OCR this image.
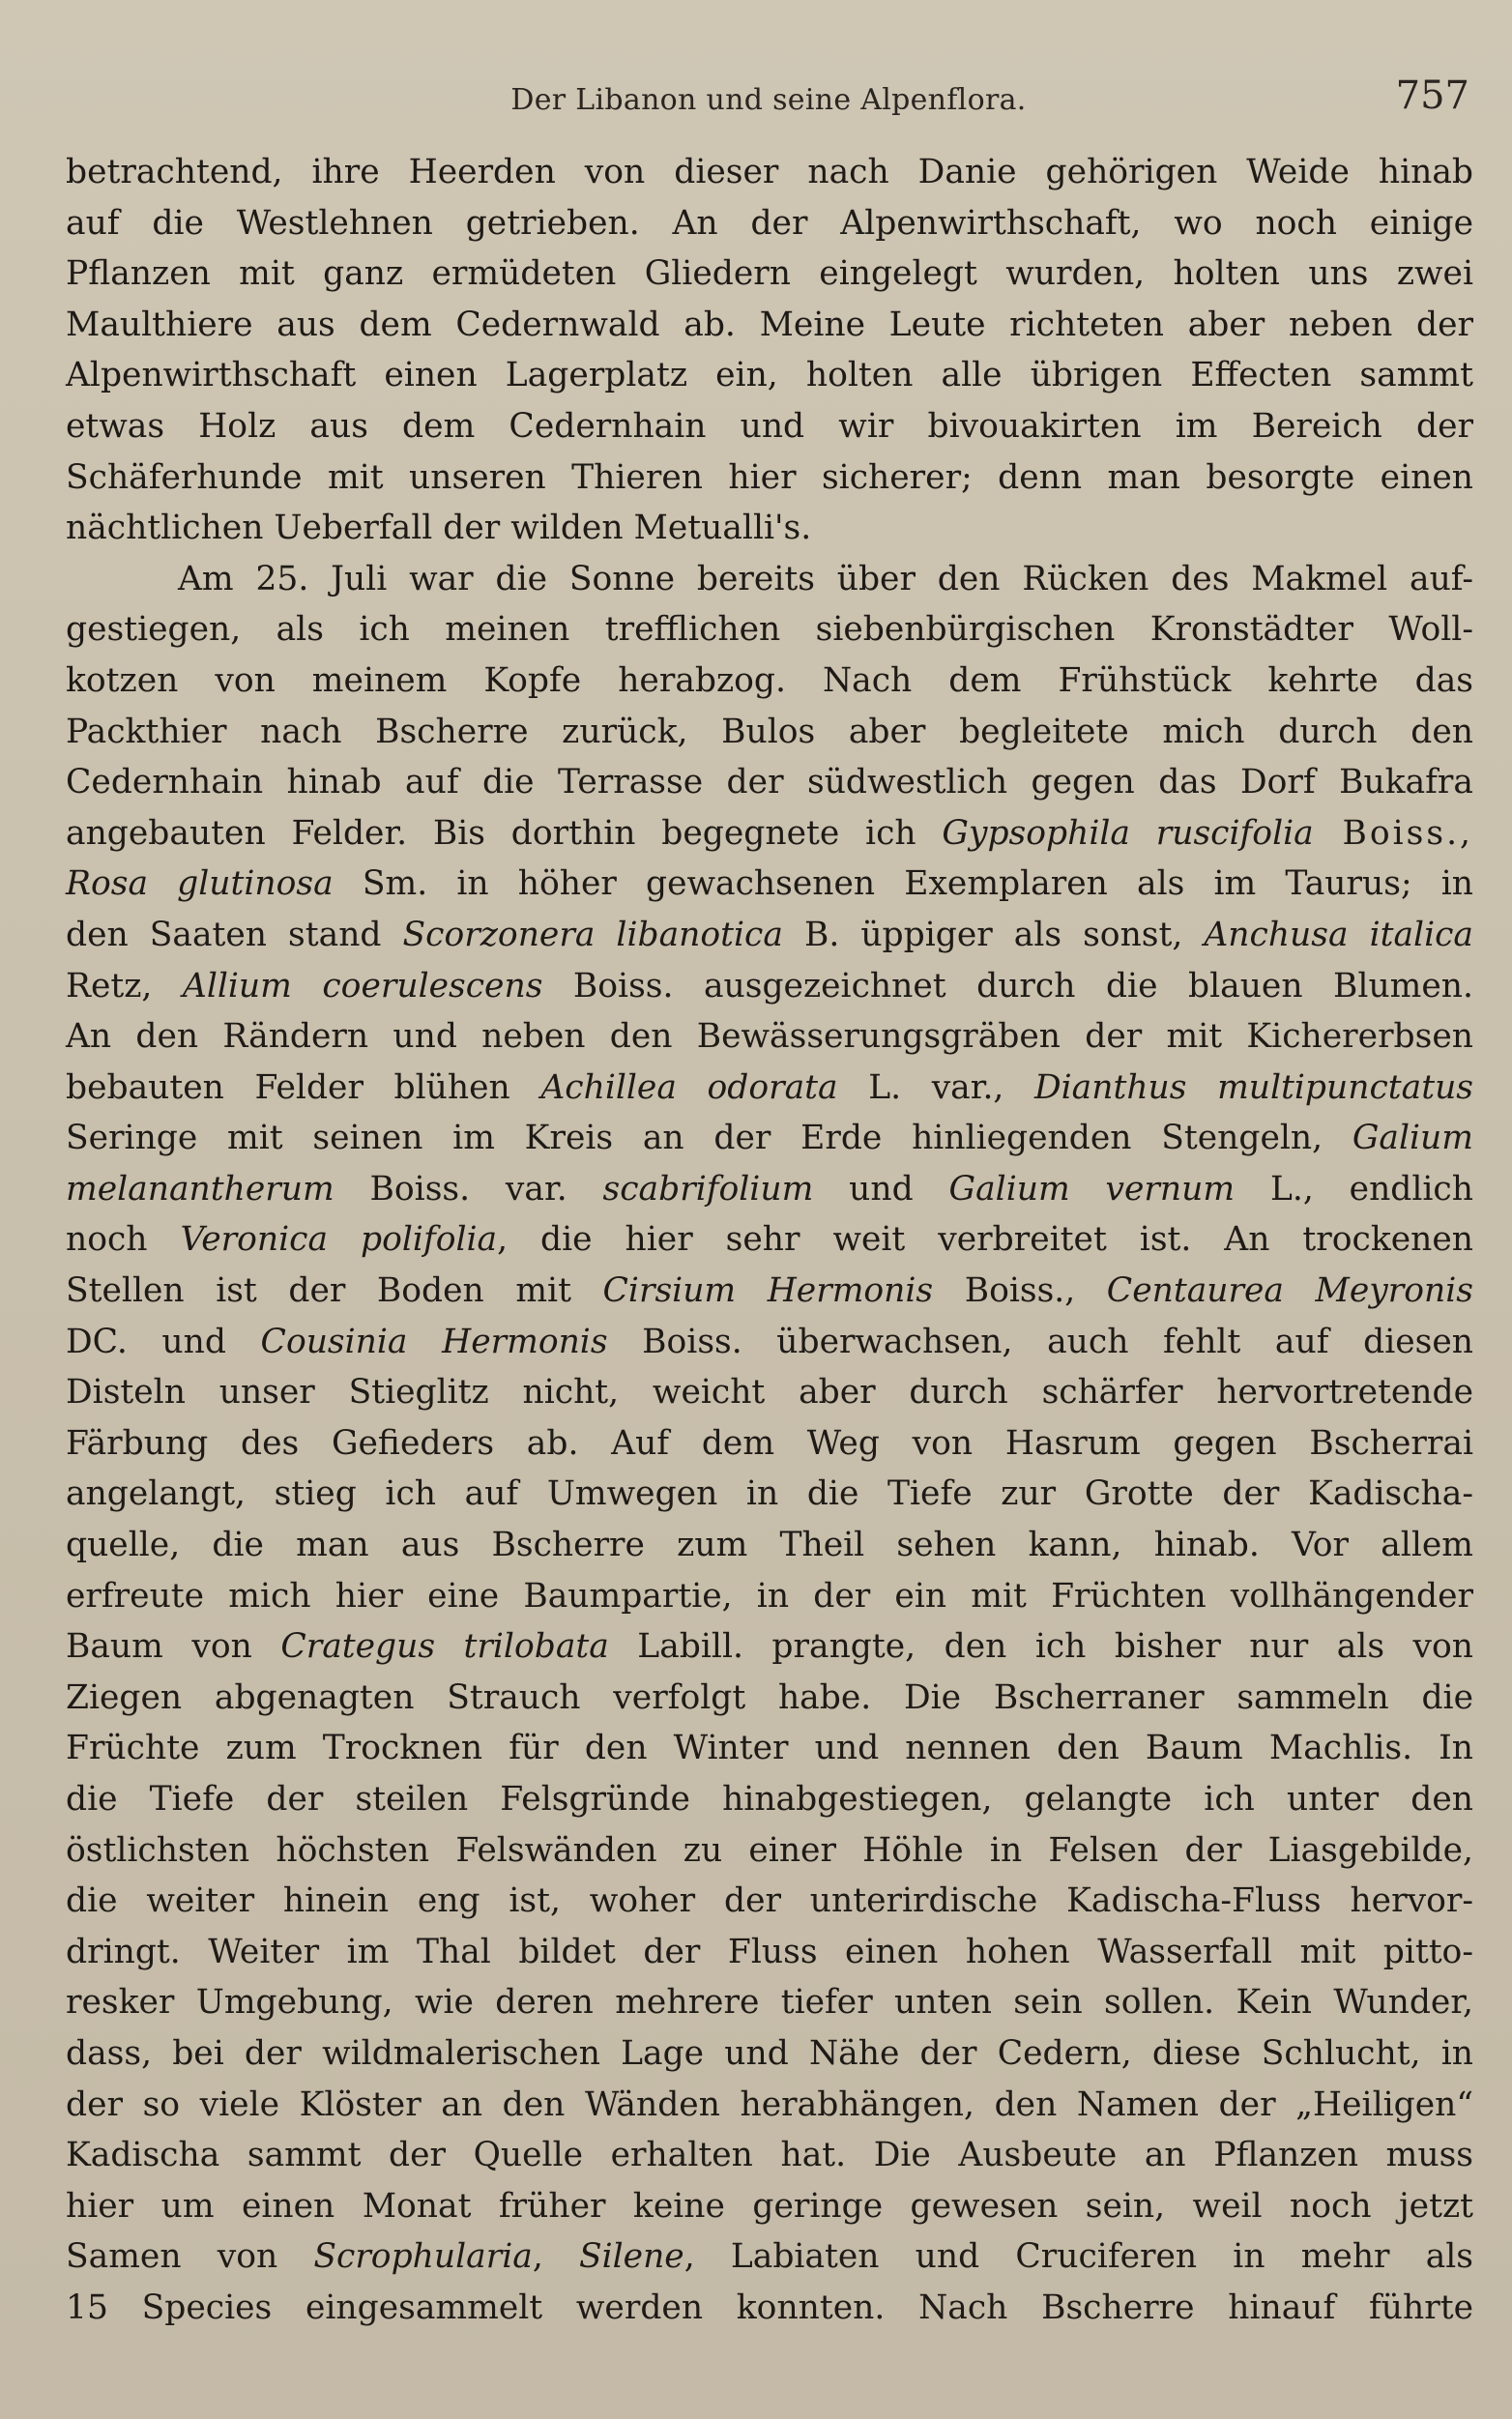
Der Libanon und seine Alpenflora.	757
betrachtend, ihre Heerden von dieser nach Danie gehörigen Weide hinab
auf die Westlehnen getrieben. An der Alpenwirthschaft, wo noch einige
Pflanzen mit ganz ermüdeten Gliedern eingelegt wurden, holten uns zwei
Maulthiere aus dem Cedernwald ab. Meine Leute richteten aber neben der
Alpenwirthschaft einen Lagerplatz ein, holten alle übrigen Effecten sammt
etwas Holz aus dem Cedernhain und wir bivouakirten im Bereich der
Schäferhunde mit unseren Thieren hier sicherer; denn man besorgte einen
nächtlichen Ueberfall der wilden Metualli's.
Am 25. Juli war die Sonne bereits über den Rücken des Makmel auf-
gestiegen, als ich meinen trefflichen siebenbürgischen Kronstädter Woll-
kotzen von meinem Kopfe herabzog. Nach dem Frühstück kehrte das
Packthier nach Bscherre zurück, Bulos aber begleitete mich durch den
Cedernhain hinab auf die Terrasse der südwestlich gegen das Dorf Bukafra
angebauten Felder. Bis dorthin begegnete ich Gypsophila ruscifolia Boiss.,
Rosa glutinosa Sm. in höher gewachsenen Exemplaren als im Taurus; in
den Saaten stand Scorzonera libanotica B. üppiger als sonst, Anchusa italica
Retz, Allium coerulescens Boiss. ausgezeichnet durch die blauen Blumen.
An den Rändern und neben den Bewässerungsgräben der mit Kichererbsen
bebauten Felder blühen Achillea odorata L. var., Dianthus multipunctatus
Seringe mit seinen im Kreis an der Erde hinliegenden Stengeln, Galium
melanantherum Boiss. var. scabrifolium und Galium vernum L., endlich
noch Veronica polifolia, die hier sehr weit verbreitet ist. An trockenen
Stellen ist der Boden mit Cirsium Hermonis Boiss., Centaurea Meyronis
DC. und Cousinia Hermonis Boiss. überwachsen, auch fehlt auf diesen
Disteln unser Stieglitz nicht, weicht aber durch schärfer hervortretende
Färbung des Gefieders ab. Auf dem Weg von Hasrum gegen Bscherrai
angelangt, stieg ich auf Umwegen in die Tiefe zur Grotte der Kadischa-
quelle, die man aus Bscherre zum Theil sehen kann, hinab. Vor allem
erfreute mich hier eine Baumpartie, in der ein mit Früchten vollhängender
Baum von Crategus trilobata Labill. prangte, den ich bisher nur als von
Ziegen abgenagten Strauch verfolgt habe. Die Bscherraner sammeln die
Früchte zum Trocknen für den Winter und nennen den Baum Machlis. In
die Tiefe der steilen Felsgründe hinabgestiegen, gelangte ich unter den
östlichsten höchsten Felswänden zu einer Höhle in Felsen der Liasgebilde,
die weiter hinein eng ist, woher der unterirdische Kadischa-Fluss hervor-
dringt. Weiter im Thal bildet der Fluss einen hohen Wasserfall mit pitto-
resker Umgebung, wie deren mehrere tiefer unten sein sollen. Kein Wunder,
dass, bei der wildmalerischen Lage und Nähe der Cedern, diese Schlucht, in
der so viele Klöster an den Wänden herabhängen, den Namen der „Heiligen“
Kadischa sammt der Quelle erhalten hat. Die Ausbeute an Pflanzen muss
hier um einen Monat früher keine geringe gewesen sein, weil noch jetzt
Samen von Scrophularia, Silene, Labiaten und Cruciferen in mehr als
15 Species eingesammelt werden konnten. Nach Bscherre hinauf führte
